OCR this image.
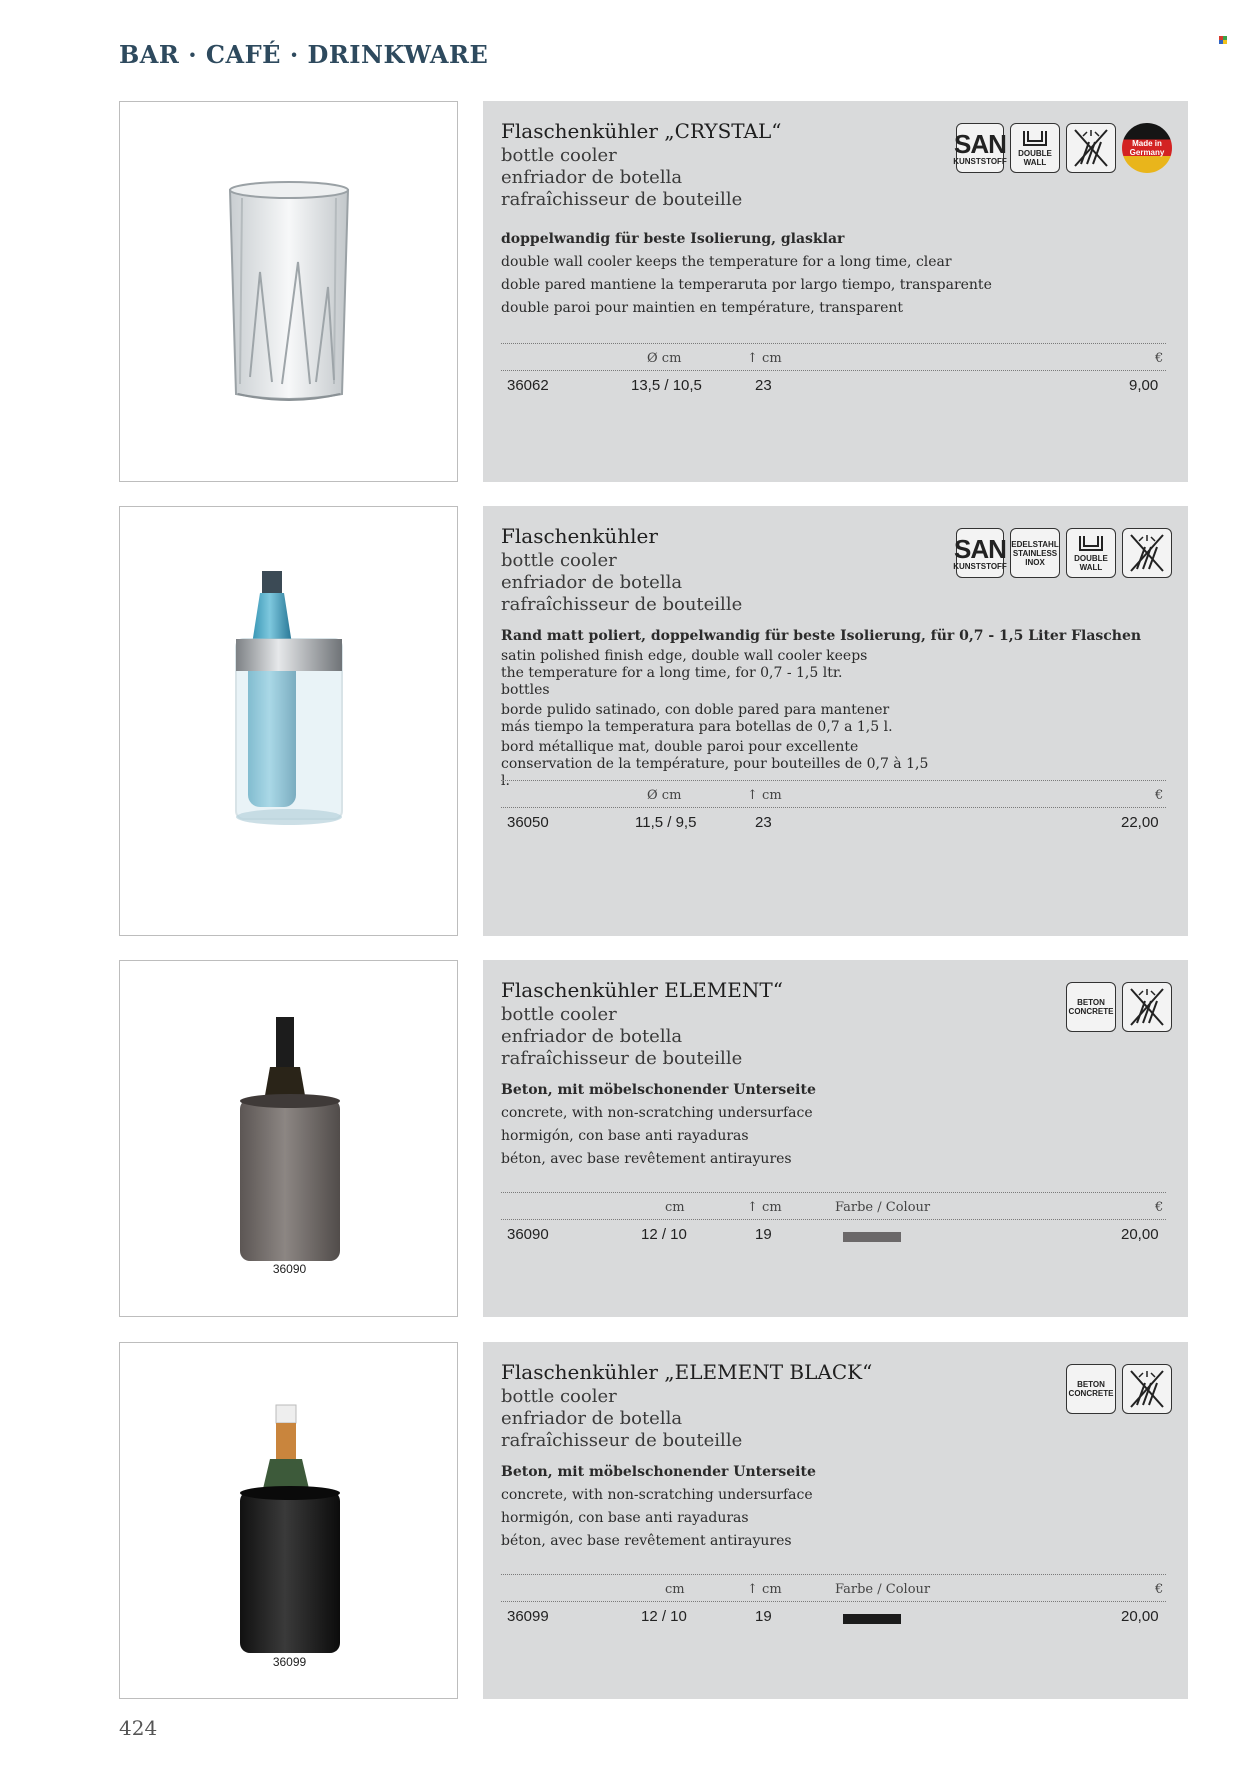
BAR · CAFÉ · DRINKWARE
Flaschenkühler „CRYSTAL“
bottle cooler
enfriador de botella
rafraîchisseur de bouteille
SAN
KUNSTSTOFF
DOUBLE WALL
Made in Germany
doppelwandig für beste Isolierung, glasklar
double wall cooler keeps the temperature for a long time, clear
doble pared mantiene la temperaruta por largo tiempo, transparente
double paroi pour maintien en température, transparent
Ø cm	↑ cm	€
36062	13,5 / 10,5	23	9,00
Flaschenkühler
bottle cooler
enfriador de botella
rafraîchisseur de bouteille
SAN
KUNSTSTOFF
EDELSTAHL STAINLESS INOX	DOUBLE WALL
Rand matt poliert, doppelwandig für beste Isolierung, für 0,7 - 1,5 Liter Flaschen
satin polished finish edge, double wall cooler keeps the temperature for a long time, for 0,7 - 1,5 ltr. bottles
borde pulido satinado, con doble pared para mantener más tiempo la temperatura para botellas de 0,7 a 1,5 l.
bord métallique mat, double paroi pour excellente conservation de la température, pour bouteilles de 0,7 à 1,5 l.
Ø cm	↑ cm	€
36050	11,5 / 9,5	23	22,00
36090
Flaschenkühler ELEMENT“
bottle cooler
enfriador de botella
rafraîchisseur de bouteille
BETON CONCRETE
Beton, mit möbelschonender Unterseite
concrete, with non-scratching undersurface
hormigón, con base anti rayaduras
béton, avec base revêtement antirayures
cm	↑ cm	Farbe / Colour	€
36090	12 / 10	19	20,00
36099
Flaschenkühler „ELEMENT BLACK“
bottle cooler
enfriador de botella
rafraîchisseur de bouteille
BETON CONCRETE
Beton, mit möbelschonender Unterseite
concrete, with non-scratching undersurface
hormigón, con base anti rayaduras
béton, avec base revêtement antirayures
cm	↑ cm	Farbe / Colour	€
36099	12 / 10	19	20,00
424
